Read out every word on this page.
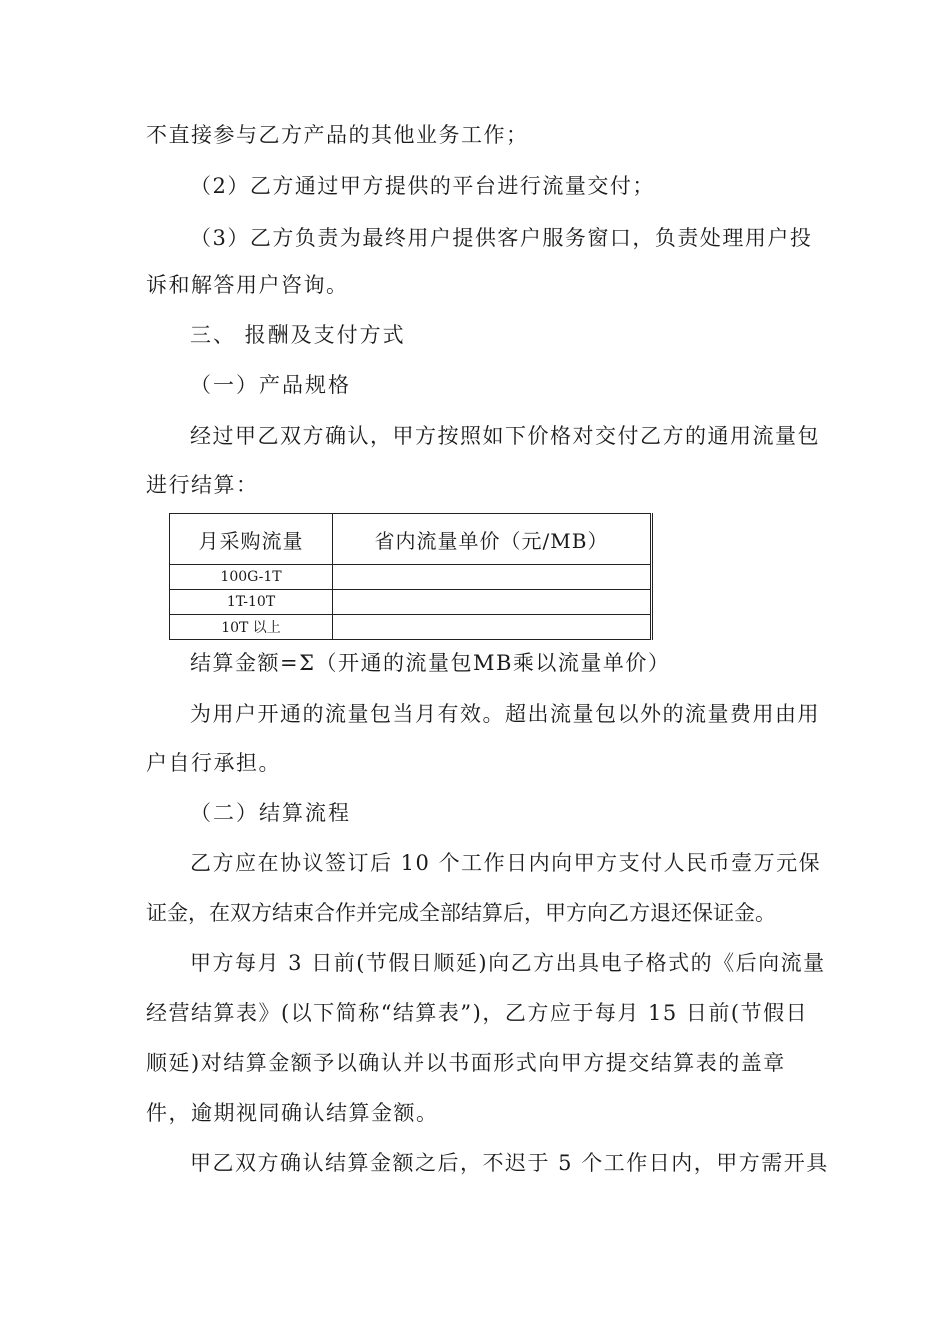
不直接参与乙方产品的其他业务工作；
（2）乙方通过甲方提供的平台进行流量交付；
（3）乙方负责为最终用户提供客户服务窗口，负责处理用户投
诉和解答用户咨询。
三、 报酬及支付方式
（一）产品规格
经过甲乙双方确认，甲方按照如下价格对交付乙方的通用流量包
进行结算：
月采购流量	省内流量单价（元/MB）
100G-1T	
1T-10T	
10T 以上	
结算金额=Σ（开通的流量包MB乘以流量单价）
为用户开通的流量包当月有效。超出流量包以外的流量费用由用
户自行承担。
（二）结算流程
乙方应在协议签订后 10 个工作日内向甲方支付人民币壹万元保
证金，在双方结束合作并完成全部结算后，甲方向乙方退还保证金。
甲方每月 3 日前(节假日顺延)向乙方出具电子格式的《后向流量
经营结算表》(以下简称“结算表”)，乙方应于每月 15 日前(节假日
顺延)对结算金额予以确认并以书面形式向甲方提交结算表的盖章
件，逾期视同确认结算金额。
甲乙双方确认结算金额之后，不迟于 5 个工作日内，甲方需开具
